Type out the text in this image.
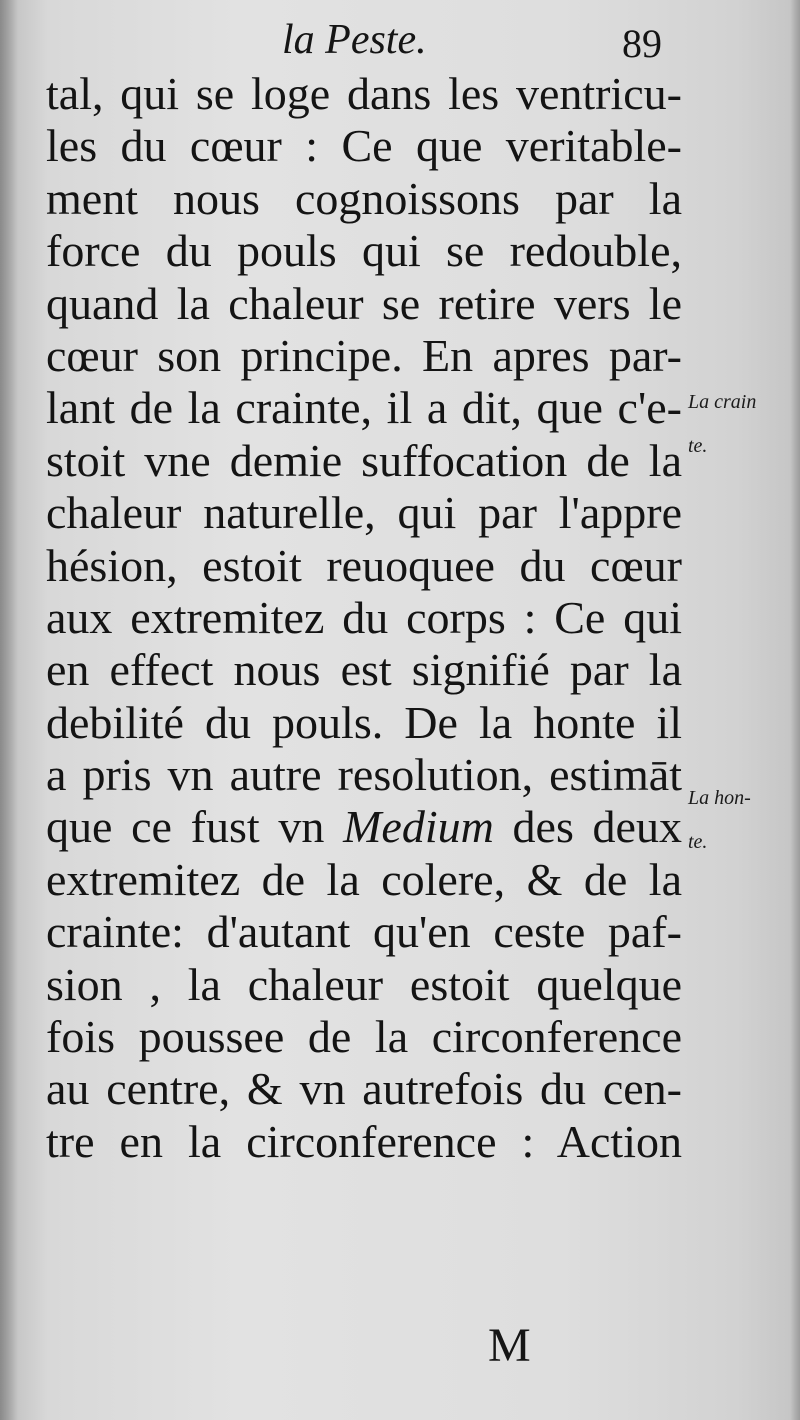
la Peste.	89
tal, qui se loge dans les ventricu-
les du cœur : Ce que veritable-
ment nous cognoissons par la
force du pouls qui se redouble,
quand la chaleur se retire vers le
cœur son principe. En apres par-
lant de la crainte, il a dit, que c'e-
stoit vne demie suffocation de la
chaleur naturelle, qui par l'appre
hésion, estoit reuoquee du cœur
aux extremitez du corps : Ce qui
en effect nous est signifié par la
debilité du pouls. De la honte il
a pris vn autre resolution, estimāt
que ce fust vn Medium des deux
extremitez de la colere, & de la
crainte: d'autant qu'en ceste paf-
sion , la chaleur estoit quelque
fois poussee de la circonference
au centre, & vn autrefois du cen-
tre en la circonference : Action
La crain
te.
La hon-
te.
M
